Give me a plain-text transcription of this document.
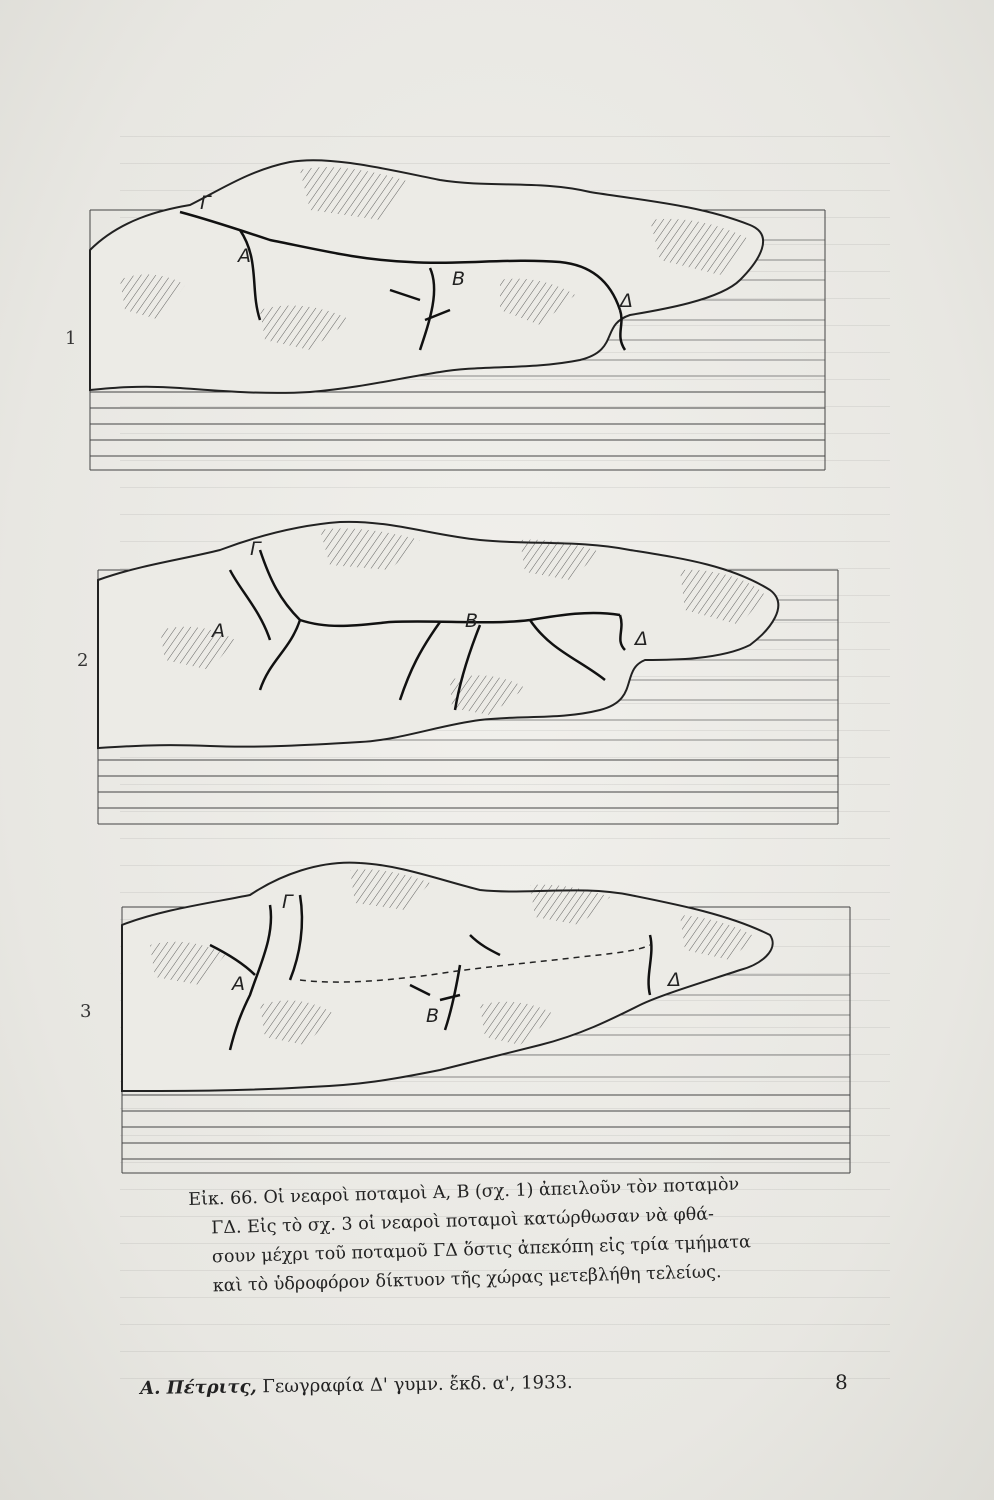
1
Γ
A
B
Δ
2
Γ
A	B
Δ
3
Γ
A
B
Δ
Εἰκ. 66. Οἱ νεαροὶ ποταμοὶ Α, Β (σχ. 1) ἀπειλοῦν τὸν ποταμὸν
ΓΔ. Εἰς τὸ σχ. 3 οἱ νεαροὶ ποταμοὶ κατώρθωσαν νὰ φθά-
σουν μέχρι τοῦ ποταμοῦ ΓΔ ὅστις ἀπεκόπη εἰς τρία τμήματα
καὶ τὸ ὑδροφόρον δίκτυον τῆς χώρας μετεβλήθη τελείως.
Α. Πέτριτς, Γεωγραφία Δ' γυμν. ἔκδ. α', 1933.	8
